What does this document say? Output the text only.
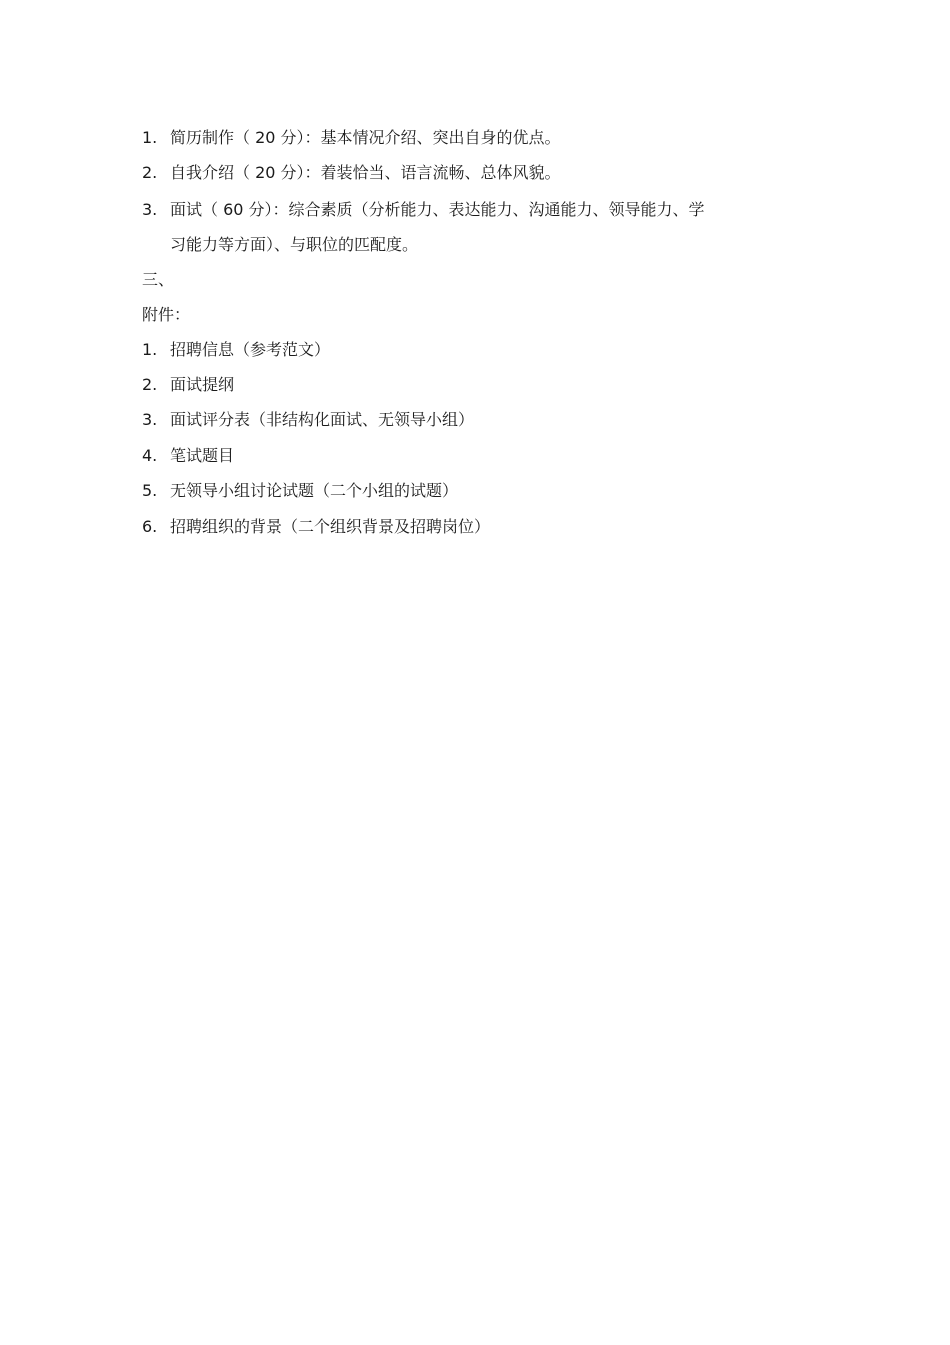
1. 简历制作（ 20 分）：基本情况介绍、突出自身的优点。
2. 自我介绍（ 20 分）：着装恰当、语言流畅、总体风貌。
3. 面试（ 60 分）：综合素质（分析能力、表达能力、沟通能力、领导能力、学
习能力等方面）、与职位的匹配度。
三、
附件：
1. 招聘信息（参考范文）
2. 面试提纲
3. 面试评分表（非结构化面试、无领导小组）
4. 笔试题目
5. 无领导小组讨论试题（二个小组的试题）
6. 招聘组织的背景（二个组织背景及招聘岗位）
